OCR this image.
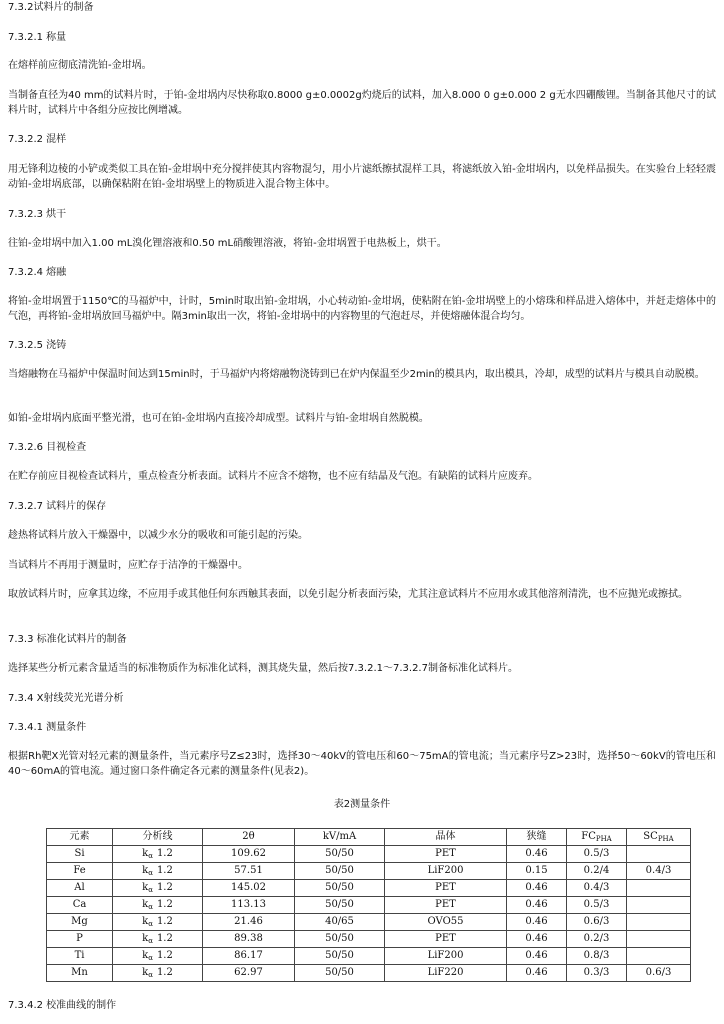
7.3.2试料片的制备

7.3.2.1 称量

在熔样前应彻底清洗铂-金坩埚。

当制备直径为40 mm的试料片时，于铂-金坩埚内尽快称取0.8000 g±0.0002g灼烧后的试料，加入8.000 0 g±0.000 2 g无水四硼酸锂。当制备其他尺寸的试料片时，试料片中各组分应按比例增减。

7.3.2.2 混样

用无锋利边棱的小铲或类似工具在铂-金坩埚中充分搅拌使其内容物混匀，用小片滤纸擦拭混样工具，将滤纸放入铂-金坩埚内，以免样品损失。在实验台上轻轻震动铂-金坩埚底部，以确保粘附在铂-金坩埚壁上的物质进入混合物主体中。

7.3.2.3 烘干

往铂-金坩埚中加入1.00 mL溴化锂溶液和0.50 mL硝酸锂溶液，将铂-金坩埚置于电热板上，烘干。

7.3.2.4 熔融

将铂-金坩埚置于1150℃的马福炉中，计时，5min时取出铂-金坩埚，小心转动铂-金坩埚，使粘附在铂-金坩埚壁上的小熔珠和样品进入熔体中，并赶走熔体中的气泡，再将铂-金坩埚放回马福炉中。隔3min取出一次，将铂-金坩埚中的内容物里的气泡赶尽，并使熔融体混合均匀。

7.3.2.5 浇铸

当熔融物在马福炉中保温时间达到15min时，于马福炉内将熔融物浇铸到已在炉内保温至少2min的模具内，取出模具，冷却，成型的试料片与模具自动脱模。

如铂-金坩埚内底面平整光滑，也可在铂-金坩埚内直接冷却成型。试料片与铂-金坩埚自然脱模。

7.3.2.6 目视检查

在贮存前应目视检查试料片，重点检查分析表面。试料片不应含不熔物，也不应有结晶及气泡。有缺陷的试料片应废弃。

7.3.2.7 试料片的保存

趁热将试料片放入干燥器中，以减少水分的吸收和可能引起的污染。

当试料片不再用于测量时，应贮存于洁净的干燥器中。

取放试料片时，应拿其边缘，不应用手或其他任何东西触其表面，以免引起分析表面污染，尤其注意试料片不应用水或其他溶剂清洗，也不应抛光或擦拭。

7.3.3 标准化试料片的制备

选择某些分析元素含量适当的标准物质作为标准化试料，测其烧失量，然后按7.3.2.1～7.3.2.7制备标准化试料片。

7.3.4 X射线荧光光谱分析

7.3.4.1 测量条件

根据Rh靶X光管对轻元素的测量条件，当元素序号Z≤23时，选择30～40kV的管电压和60～75mA的管电流；当元素序号Z>23时，选择50～60kV的管电压和40～60mA的管电流。通过窗口条件确定各元素的测量条件(见表2)。

7.3.4.2 校准曲线的制作

表2测量条件
元素	分析线	2θ	kV/mA	晶体	狭缝	$FC_{PHA}$	$SC_{PHA}$
Si	$k_\alpha$ 1.2	109.62	50/50	PET	0.46	0.5/3	
Fe	$k_\alpha$ 1.2	57.51	50/50	LiF200	0.15	0.2/4	0.4/3
Al	$k_\alpha$ 1.2	145.02	50/50	PET	0.46	0.4/3	
Ca	$k_\alpha$ 1.2	113.13	50/50	PET	0.46	0.5/3	
Mg	$k_\alpha$ 1.2	21.46	40/65	OVO55	0.46	0.6/3	
P	$k_\alpha$ 1.2	89.38	50/50	PET	0.46	0.2/3	
Ti	$k_\alpha$ 1.2	86.17	50/50	LiF200	0.46	0.8/3	
Mn	$k_\alpha$ 1.2	62.97	50/50	LiF220	0.46	0.3/3	0.6/3
